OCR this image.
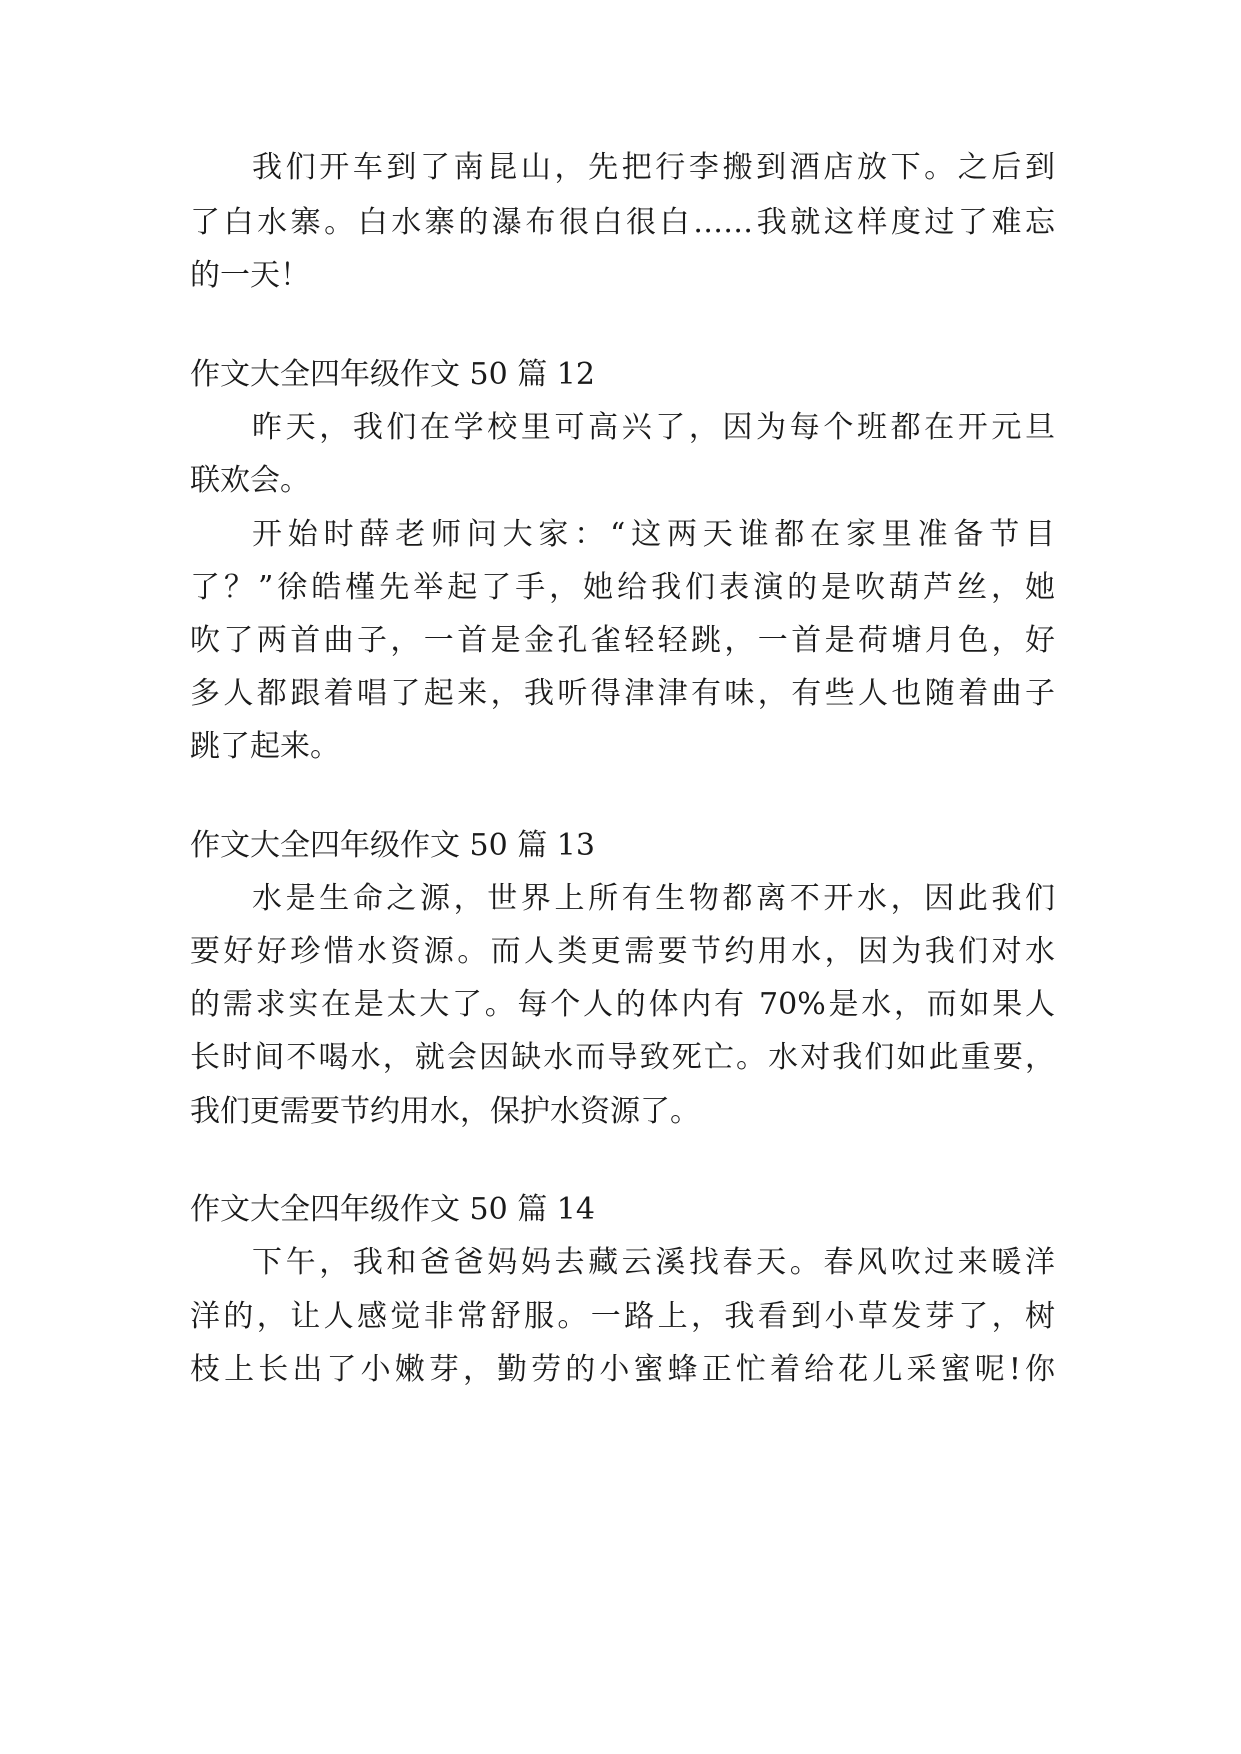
我们开车到了南昆山，先把行李搬到酒店放下。之后到
了白水寨。白水寨的瀑布很白很白……我就这样度过了难忘
的一天！
作文大全四年级作文 50 篇 12
昨天，我们在学校里可高兴了，因为每个班都在开元旦
联欢会。
开始时薛老师问大家：“这两天谁都在家里准备节目
了？”徐皓槿先举起了手，她给我们表演的是吹葫芦丝，她
吹了两首曲子，一首是金孔雀轻轻跳，一首是荷塘月色，好
多人都跟着唱了起来，我听得津津有味，有些人也随着曲子
跳了起来。
作文大全四年级作文 50 篇 13
水是生命之源，世界上所有生物都离不开水，因此我们
要好好珍惜水资源。而人类更需要节约用水，因为我们对水
的需求实在是太大了。每个人的体内有 70%是水，而如果人
长时间不喝水，就会因缺水而导致死亡。水对我们如此重要，
我们更需要节约用水，保护水资源了。
作文大全四年级作文 50 篇 14
下午，我和爸爸妈妈去藏云溪找春天。春风吹过来暖洋
洋的，让人感觉非常舒服。一路上，我看到小草发芽了，树
枝上长出了小嫩芽，勤劳的小蜜蜂正忙着给花儿采蜜呢!你
